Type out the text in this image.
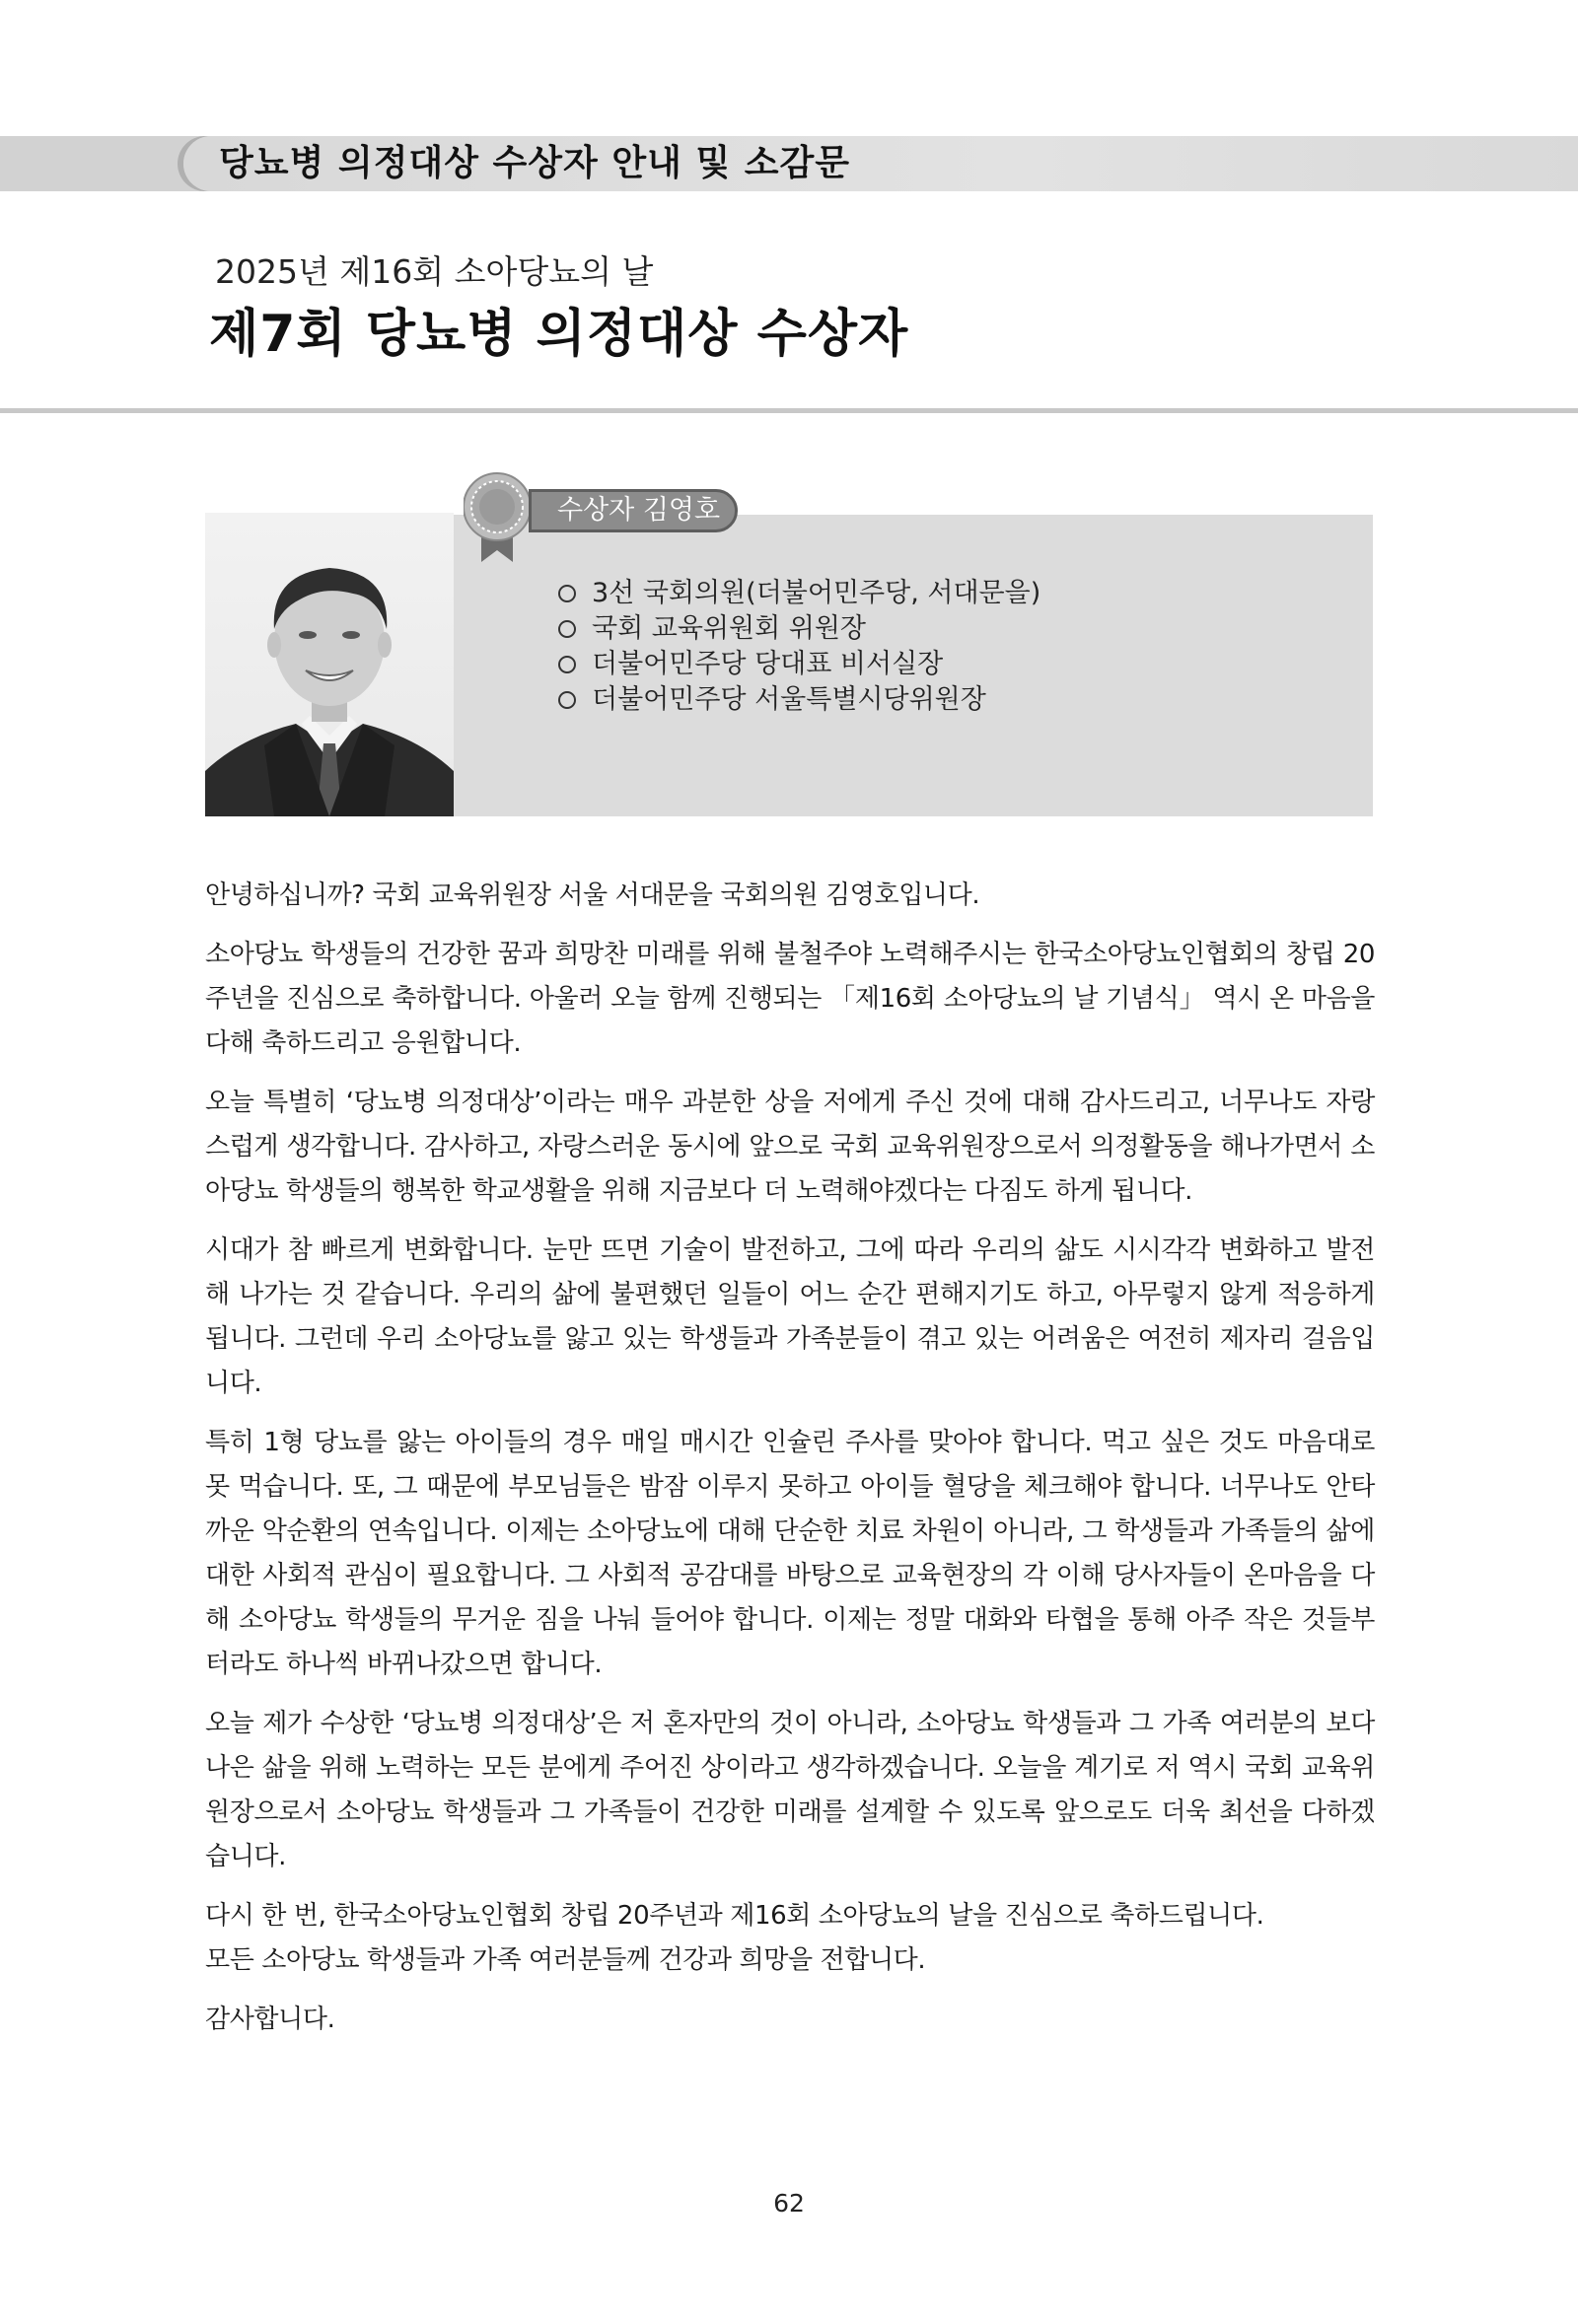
당뇨병 의정대상 수상자 안내 및 소감문
2025년 제16회 소아당뇨의 날
제7회 당뇨병 의정대상 수상자
수상자 김영호
3선 국회의원(더불어민주당, 서대문을)
국회 교육위원회 위원장
더불어민주당 당대표 비서실장
더불어민주당 서울특별시당위원장

안녕하십니까? 국회 교육위원장 서울 서대문을 국회의원 김영호입니다.

소아당뇨 학생들의 건강한 꿈과 희망찬 미래를 위해 불철주야 노력해주시는 한국소아당뇨인협회의 창립 20주년을 진심으로 축하합니다. 아울러 오늘 함께 진행되는 「제16회 소아당뇨의 날 기념식」 역시 온 마음을 다해 축하드리고 응원합니다.

오늘 특별히 ‘당뇨병 의정대상’이라는 매우 과분한 상을 저에게 주신 것에 대해 감사드리고, 너무나도 자랑스럽게 생각합니다. 감사하고, 자랑스러운 동시에 앞으로 국회 교육위원장으로서 의정활동을 해나가면서 소아당뇨 학생들의 행복한 학교생활을 위해 지금보다 더 노력해야겠다는 다짐도 하게 됩니다.

시대가 참 빠르게 변화합니다. 눈만 뜨면 기술이 발전하고, 그에 따라 우리의 삶도 시시각각 변화하고 발전해 나가는 것 같습니다. 우리의 삶에 불편했던 일들이 어느 순간 편해지기도 하고, 아무렇지 않게 적응하게 됩니다. 그런데 우리 소아당뇨를 앓고 있는 학생들과 가족분들이 겪고 있는 어려움은 여전히 제자리 걸음입니다.

특히 1형 당뇨를 앓는 아이들의 경우 매일 매시간 인슐린 주사를 맞아야 합니다. 먹고 싶은 것도 마음대로 못 먹습니다. 또, 그 때문에 부모님들은 밤잠 이루지 못하고 아이들 혈당을 체크해야 합니다. 너무나도 안타까운 악순환의 연속입니다. 이제는 소아당뇨에 대해 단순한 치료 차원이 아니라, 그 학생들과 가족들의 삶에 대한 사회적 관심이 필요합니다. 그 사회적 공감대를 바탕으로 교육현장의 각 이해 당사자들이 온마음을 다해 소아당뇨 학생들의 무거운 짐을 나눠 들어야 합니다. 이제는 정말 대화와 타협을 통해 아주 작은 것들부터라도 하나씩 바뀌나갔으면 합니다.

오늘 제가 수상한 ‘당뇨병 의정대상’은 저 혼자만의 것이 아니라, 소아당뇨 학생들과 그 가족 여러분의 보다 나은 삶을 위해 노력하는 모든 분에게 주어진 상이라고 생각하겠습니다. 오늘을 계기로 저 역시 국회 교육위원장으로서 소아당뇨 학생들과 그 가족들이 건강한 미래를 설계할 수 있도록 앞으로도 더욱 최선을 다하겠습니다.

다시 한 번, 한국소아당뇨인협회 창립 20주년과 제16회 소아당뇨의 날을 진심으로 축하드립니다.

모든 소아당뇨 학생들과 가족 여러분들께 건강과 희망을 전합니다.

감사합니다.

62
